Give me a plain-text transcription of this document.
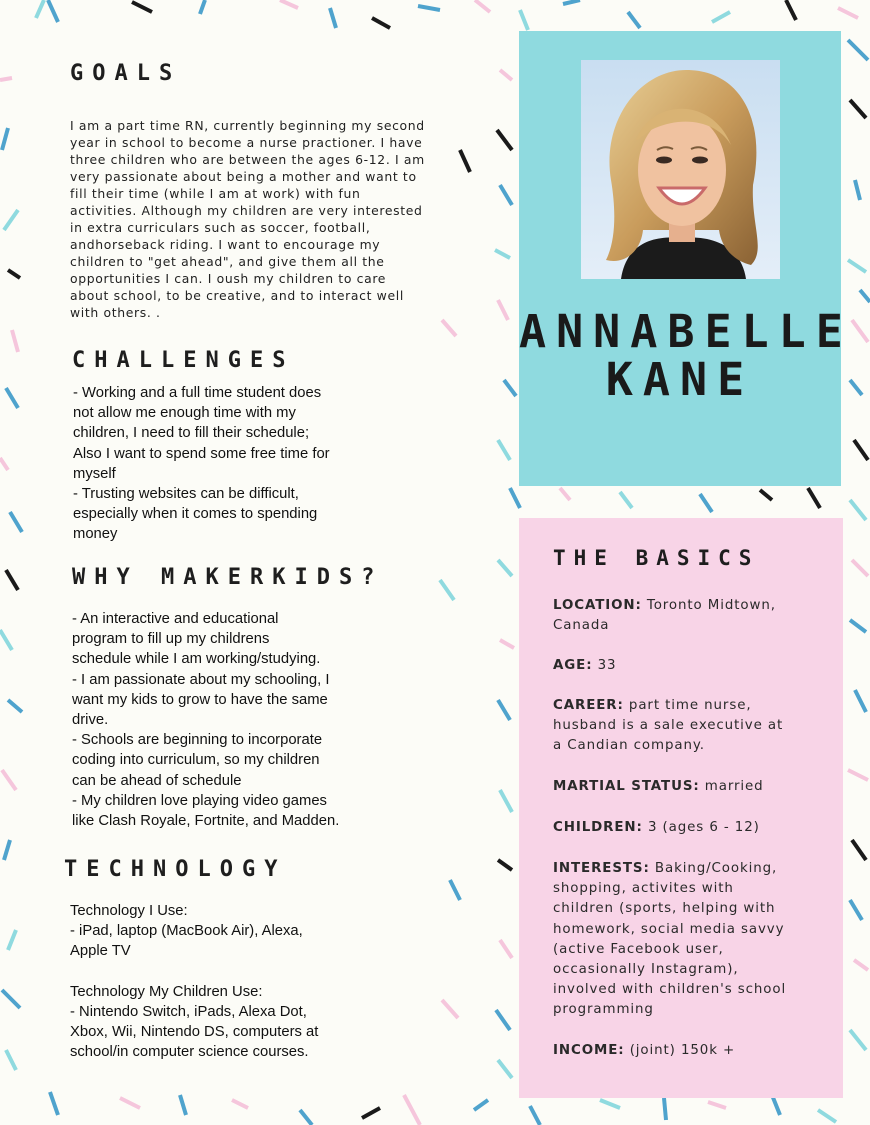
GOALS

I am a part time RN, currently beginning my second
year in school to become a nurse practioner. I have
three children who are between the ages 6-12. I am
very passionate about being a mother and want to
fill their time (while I am at work) with fun
activities. Although my children are very interested
in extra curriculars such as soccer, football,
andhorseback riding. I want to encourage my
children to "get ahead", and give them all the
opportunities I can. I oush my children to care
about school, to be creative, and to interact well
with others. .

CHALLENGES

- Working and a full time student does
not allow me enough time with my
children, I need to fill their schedule;
Also I want to spend some free time for
myself
- Trusting websites can be difficult,
especially when it comes to spending
money

WHY MAKERKIDS?

- An interactive and educational
program to fill up my childrens
schedule while I am working/studying.
- I am passionate about my schooling, I
want my kids to grow to have the same
drive.
- Schools are beginning to incorporate
coding into curriculum, so my children
can be ahead of schedule
- My children love playing video games
like Clash Royale, Fortnite, and Madden.

TECHNOLOGY

Technology I Use:
- iPad, laptop (MacBook Air), Alexa,
Apple TV

Technology My Children Use:
- Nintendo Switch, iPads, Alexa Dot,
Xbox, Wii, Nintendo DS, computers at
school/in computer science courses.

ANNABELLE
KANE
THE BASICS

LOCATION: Toronto Midtown,
Canada

AGE: 33

CAREER: part time nurse,
husband is a sale executive at
a Candian company.

MARTIAL STATUS: married

CHILDREN: 3 (ages 6 - 12)

INTERESTS: Baking/Cooking,
shopping, activites with
children (sports, helping with
homework, social media savvy
(active Facebook user,
occasionally Instagram),
involved with children's school
programming

INCOME: (joint) 150k +
